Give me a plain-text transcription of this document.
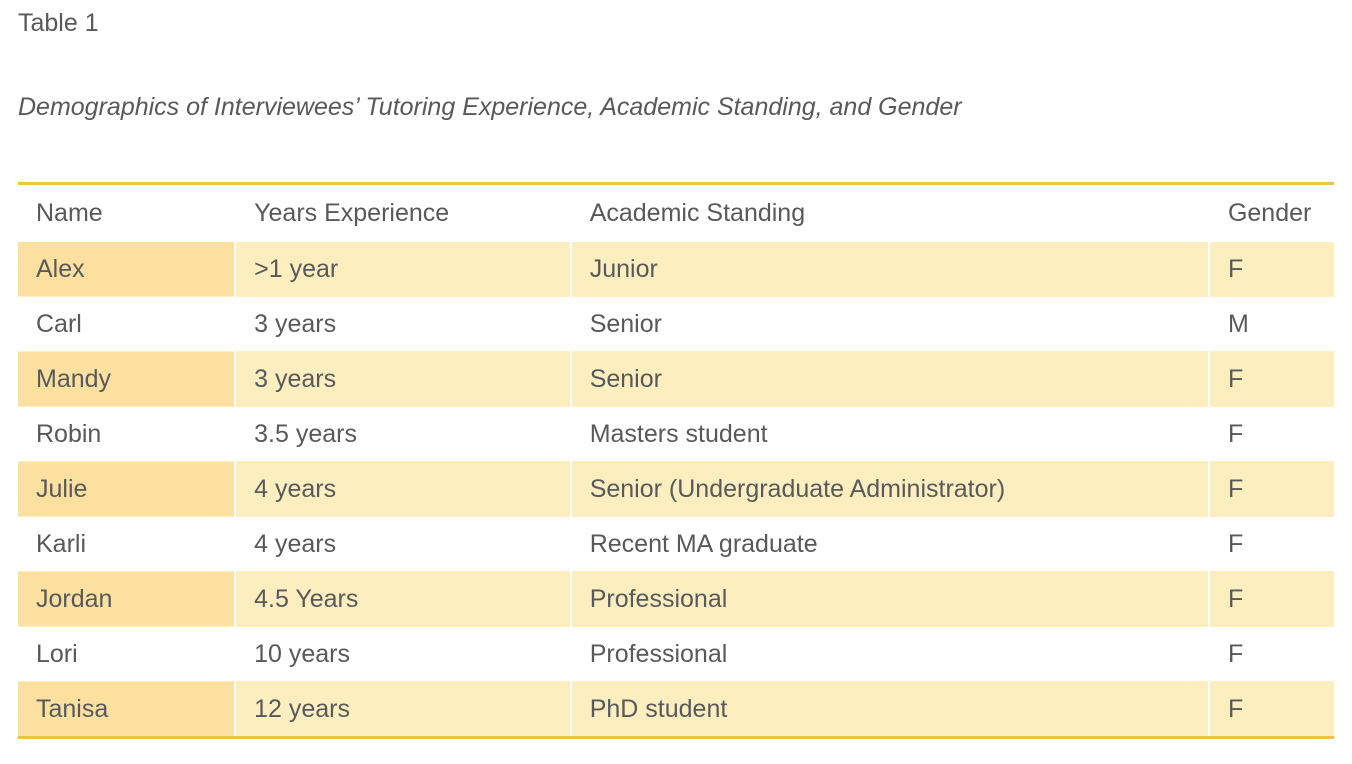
Table 1
Demographics of Interviewees’ Tutoring Experience, Academic Standing, and Gender
Name	Years Experience	Academic Standing	Gender
Alex	>1 year	Junior	F
Carl	3 years	Senior	M
Mandy	3 years	Senior	F
Robin	3.5 years	Masters student	F
Julie	4 years	Senior (Undergraduate Administrator)	F
Karli	4 years	Recent MA graduate	F
Jordan	4.5 Years	Professional	F
Lori	10 years	Professional	F
Tanisa	12 years	PhD student	F
